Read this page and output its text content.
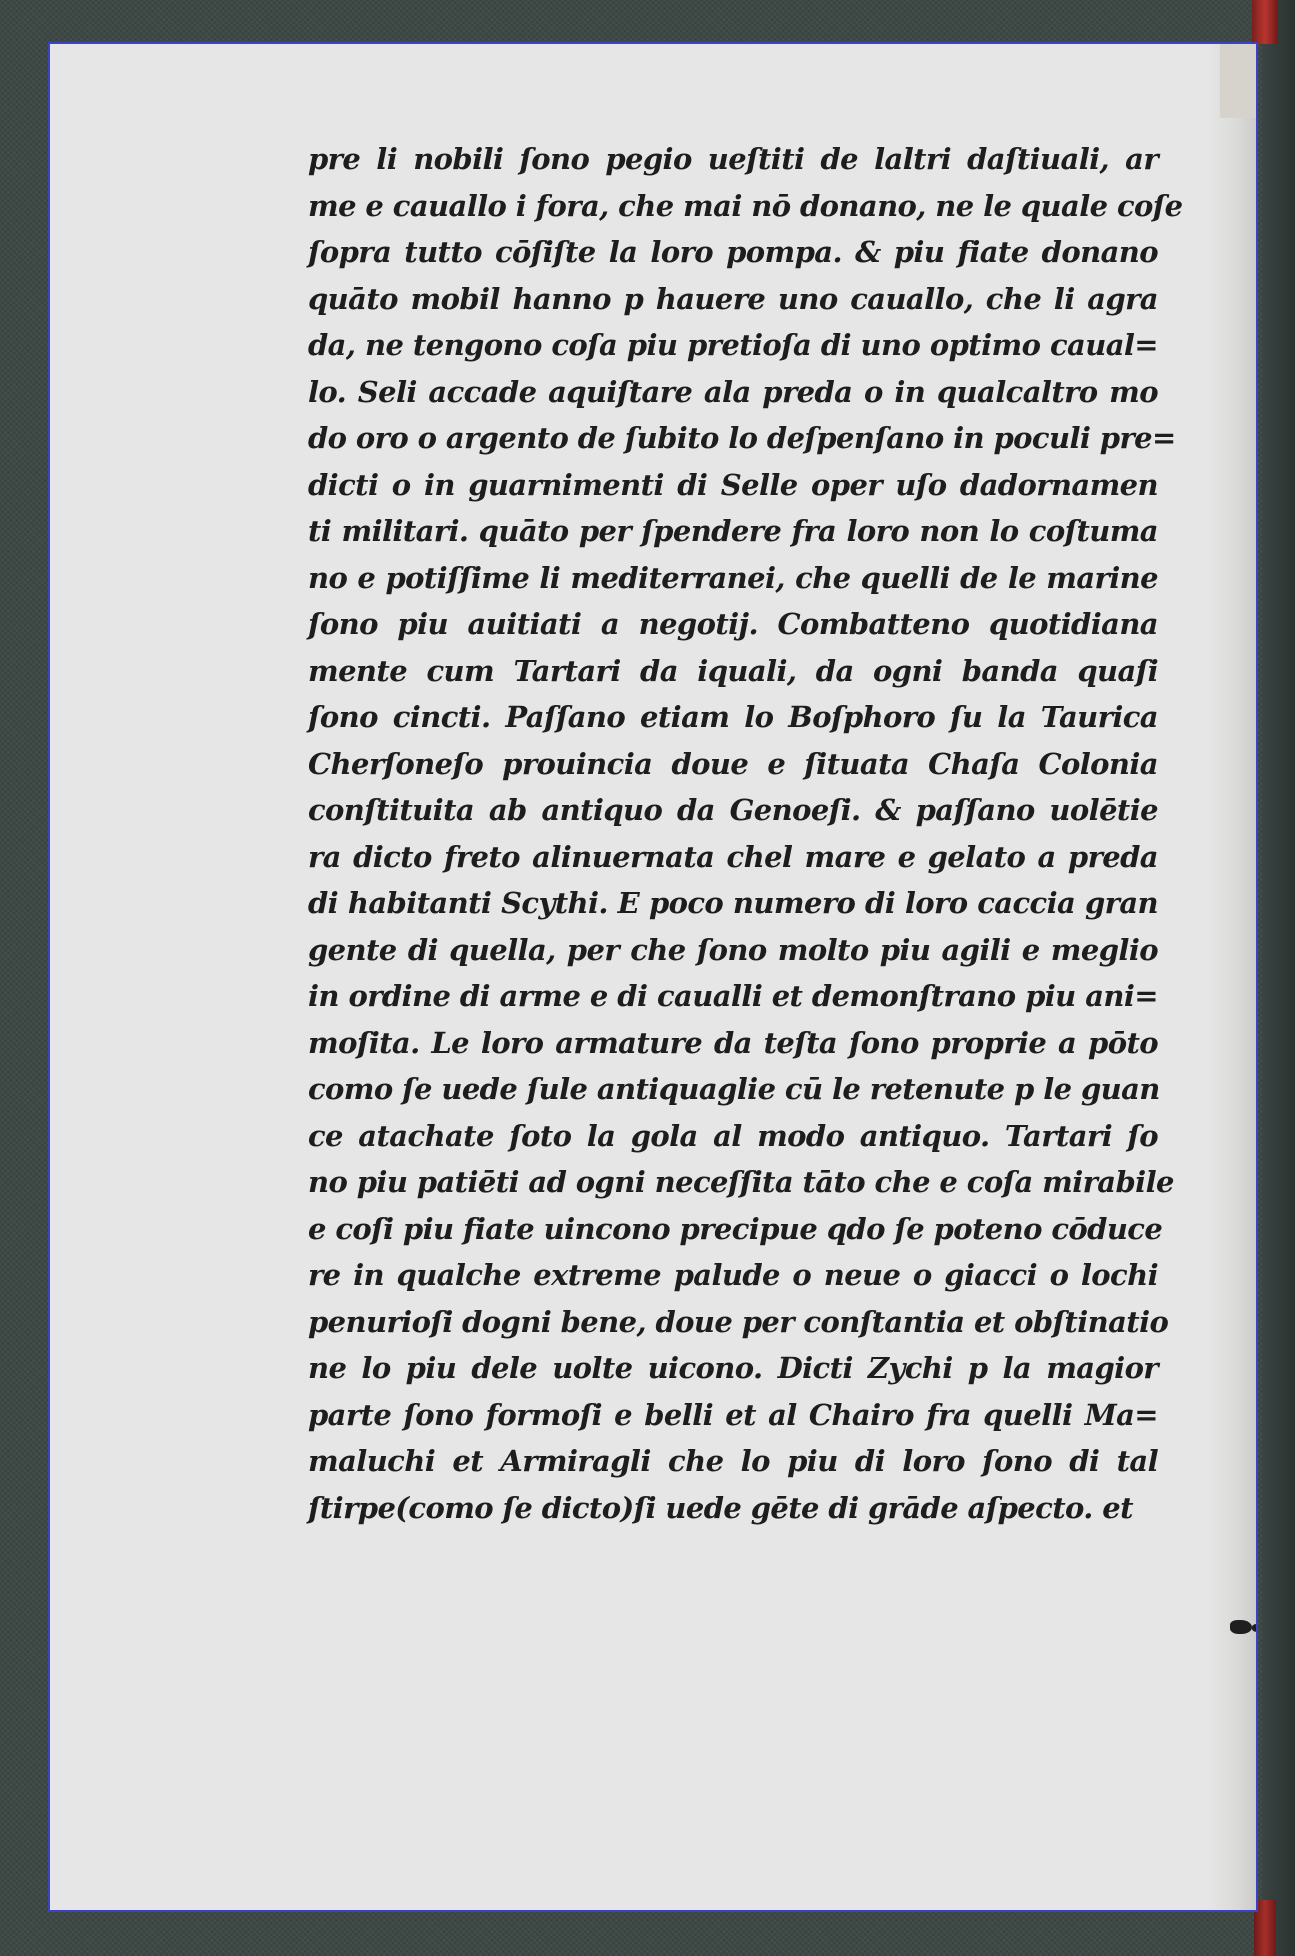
pre li nobili ſono pegio ueſtiti de laltri daſtiuali, ar
me e cauallo i fora, che mai nō donano, ne le quale coſe
ſopra tutto cōſiſte la loro pompa. & piu fiate donano
quāto mobil hanno p hauere uno cauallo, che li agra
da, ne tengono coſa piu pretioſa di uno optimo caual=
lo. Seli accade aquiſtare ala preda o in qualcaltro mo
do oro o argento de ſubito lo deſpenſano in poculi pre=
dicti o in guarnimenti di Selle oper uſo dadornamen
ti militari. quāto per ſpendere fra loro non lo coſtuma
no e potiſſime li mediterranei, che quelli de le marine
ſono piu auitiati a negotij. Combatteno quotidiana
mente cum Tartari da iquali, da ogni banda quaſi
ſono cincti. Paſſano etiam lo Boſphoro ſu la Taurica
Cherſoneſo prouincia doue e ſituata Chaſa Colonia
conſtituita ab antiquo da Genoeſi. & paſſano uolētie
ra dicto freto alinuernata chel mare e gelato a preda
di habitanti Scythi. E poco numero di loro caccia gran
gente di quella, per che ſono molto piu agili e meglio
in ordine di arme e di caualli et demonſtrano piu ani=
moſita. Le loro armature da teſta ſono proprie a pōto
como ſe uede ſule antiquaglie cū le retenute p le guan
ce atachate ſoto la gola al modo antiquo. Tartari ſo
no piu patiēti ad ogni neceſſita tāto che e coſa mirabile
e coſi piu fiate uincono precipue qdo ſe poteno cōduce
re in qualche extreme palude o neue o giacci o lochi
penurioſi dogni bene, doue per conſtantia et obſtinatio
ne lo piu dele uolte uicono. Dicti Zychi p la magior
parte ſono formoſi e belli et al Chairo fra quelli Ma=
maluchi et Armiragli che lo piu di loro ſono di tal
ſtirpe(como ſe dicto)ſi uede gēte di grāde aſpecto. et
